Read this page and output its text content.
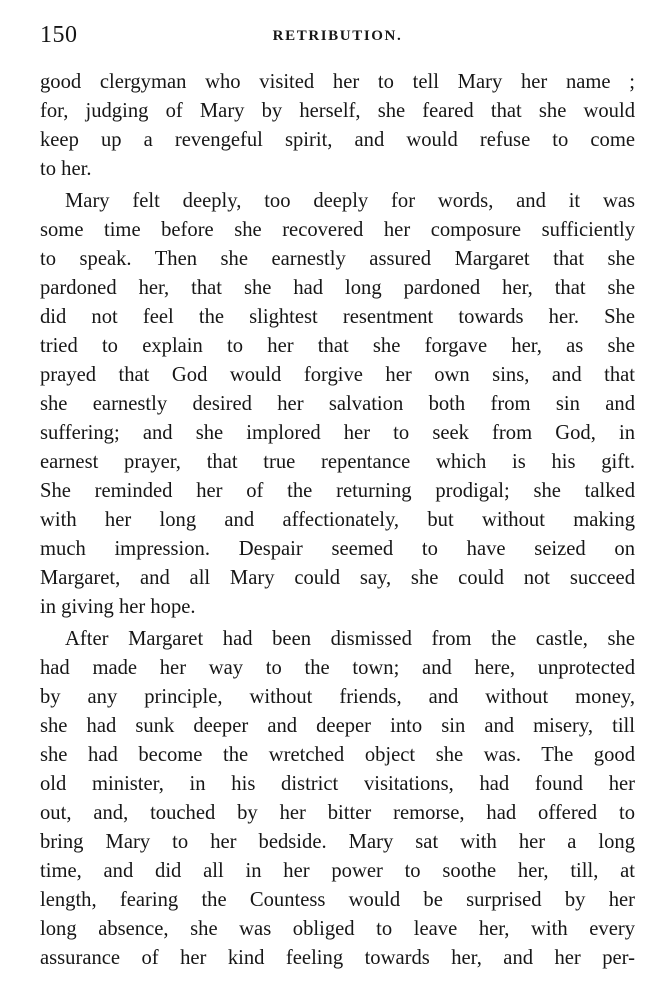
150	RETRIBUTION.
good clergyman who visited her to tell Mary her name ;
for, judging of Mary by herself, she feared that she would
keep up a revengeful spirit, and would refuse to come
to her.
Mary felt deeply, too deeply for words, and it was
some time before she recovered her composure sufficiently
to speak. Then she earnestly assured Margaret that she
pardoned her, that she had long pardoned her, that she
did not feel the slightest resentment towards her. She
tried to explain to her that she forgave her, as she
prayed that God would forgive her own sins, and that
she earnestly desired her salvation both from sin and
suffering; and she implored her to seek from God, in
earnest prayer, that true repentance which is his gift.
She reminded her of the returning prodigal; she talked
with her long and affectionately, but without making
much impression. Despair seemed to have seized on
Margaret, and all Mary could say, she could not succeed
in giving her hope.
After Margaret had been dismissed from the castle, she
had made her way to the town; and here, unprotected
by any principle, without friends, and without money,
she had sunk deeper and deeper into sin and misery, till
she had become the wretched object she was. The good
old minister, in his district visitations, had found her
out, and, touched by her bitter remorse, had offered to
bring Mary to her bedside. Mary sat with her a long
time, and did all in her power to soothe her, till, at
length, fearing the Countess would be surprised by her
long absence, she was obliged to leave her, with every
assurance of her kind feeling towards her, and her per-
